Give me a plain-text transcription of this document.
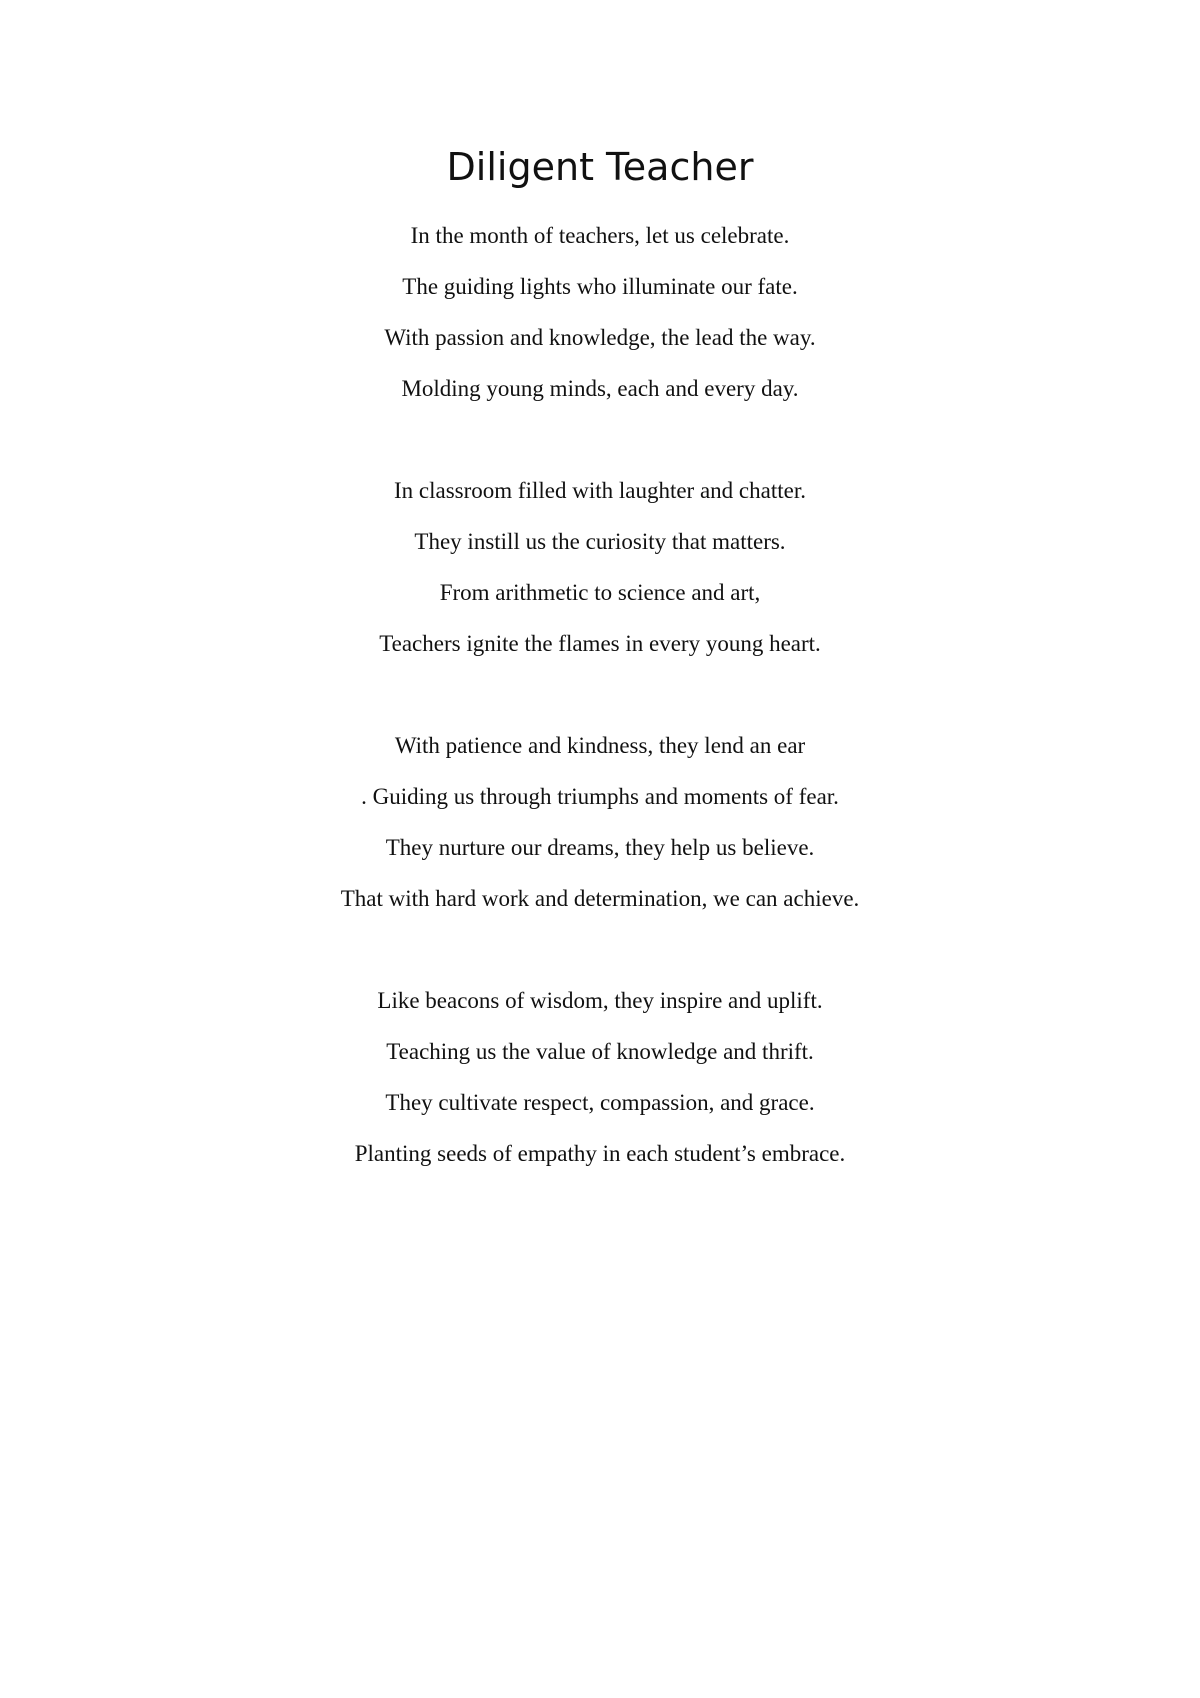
Diligent Teacher
In the month of teachers, let us celebrate.
The guiding lights who illuminate our fate.
With passion and knowledge, the lead the way.
Molding young minds, each and every day.
In classroom filled with laughter and chatter.
They instill us the curiosity that matters.
From arithmetic to science and art,
Teachers ignite the flames in every young heart.
With patience and kindness, they lend an ear
. Guiding us through triumphs and moments of fear.
They nurture our dreams, they help us believe.
That with hard work and determination, we can achieve.
Like beacons of wisdom, they inspire and uplift.
Teaching us the value of knowledge and thrift.
They cultivate respect, compassion, and grace.
Planting seeds of empathy in each student’s embrace.
